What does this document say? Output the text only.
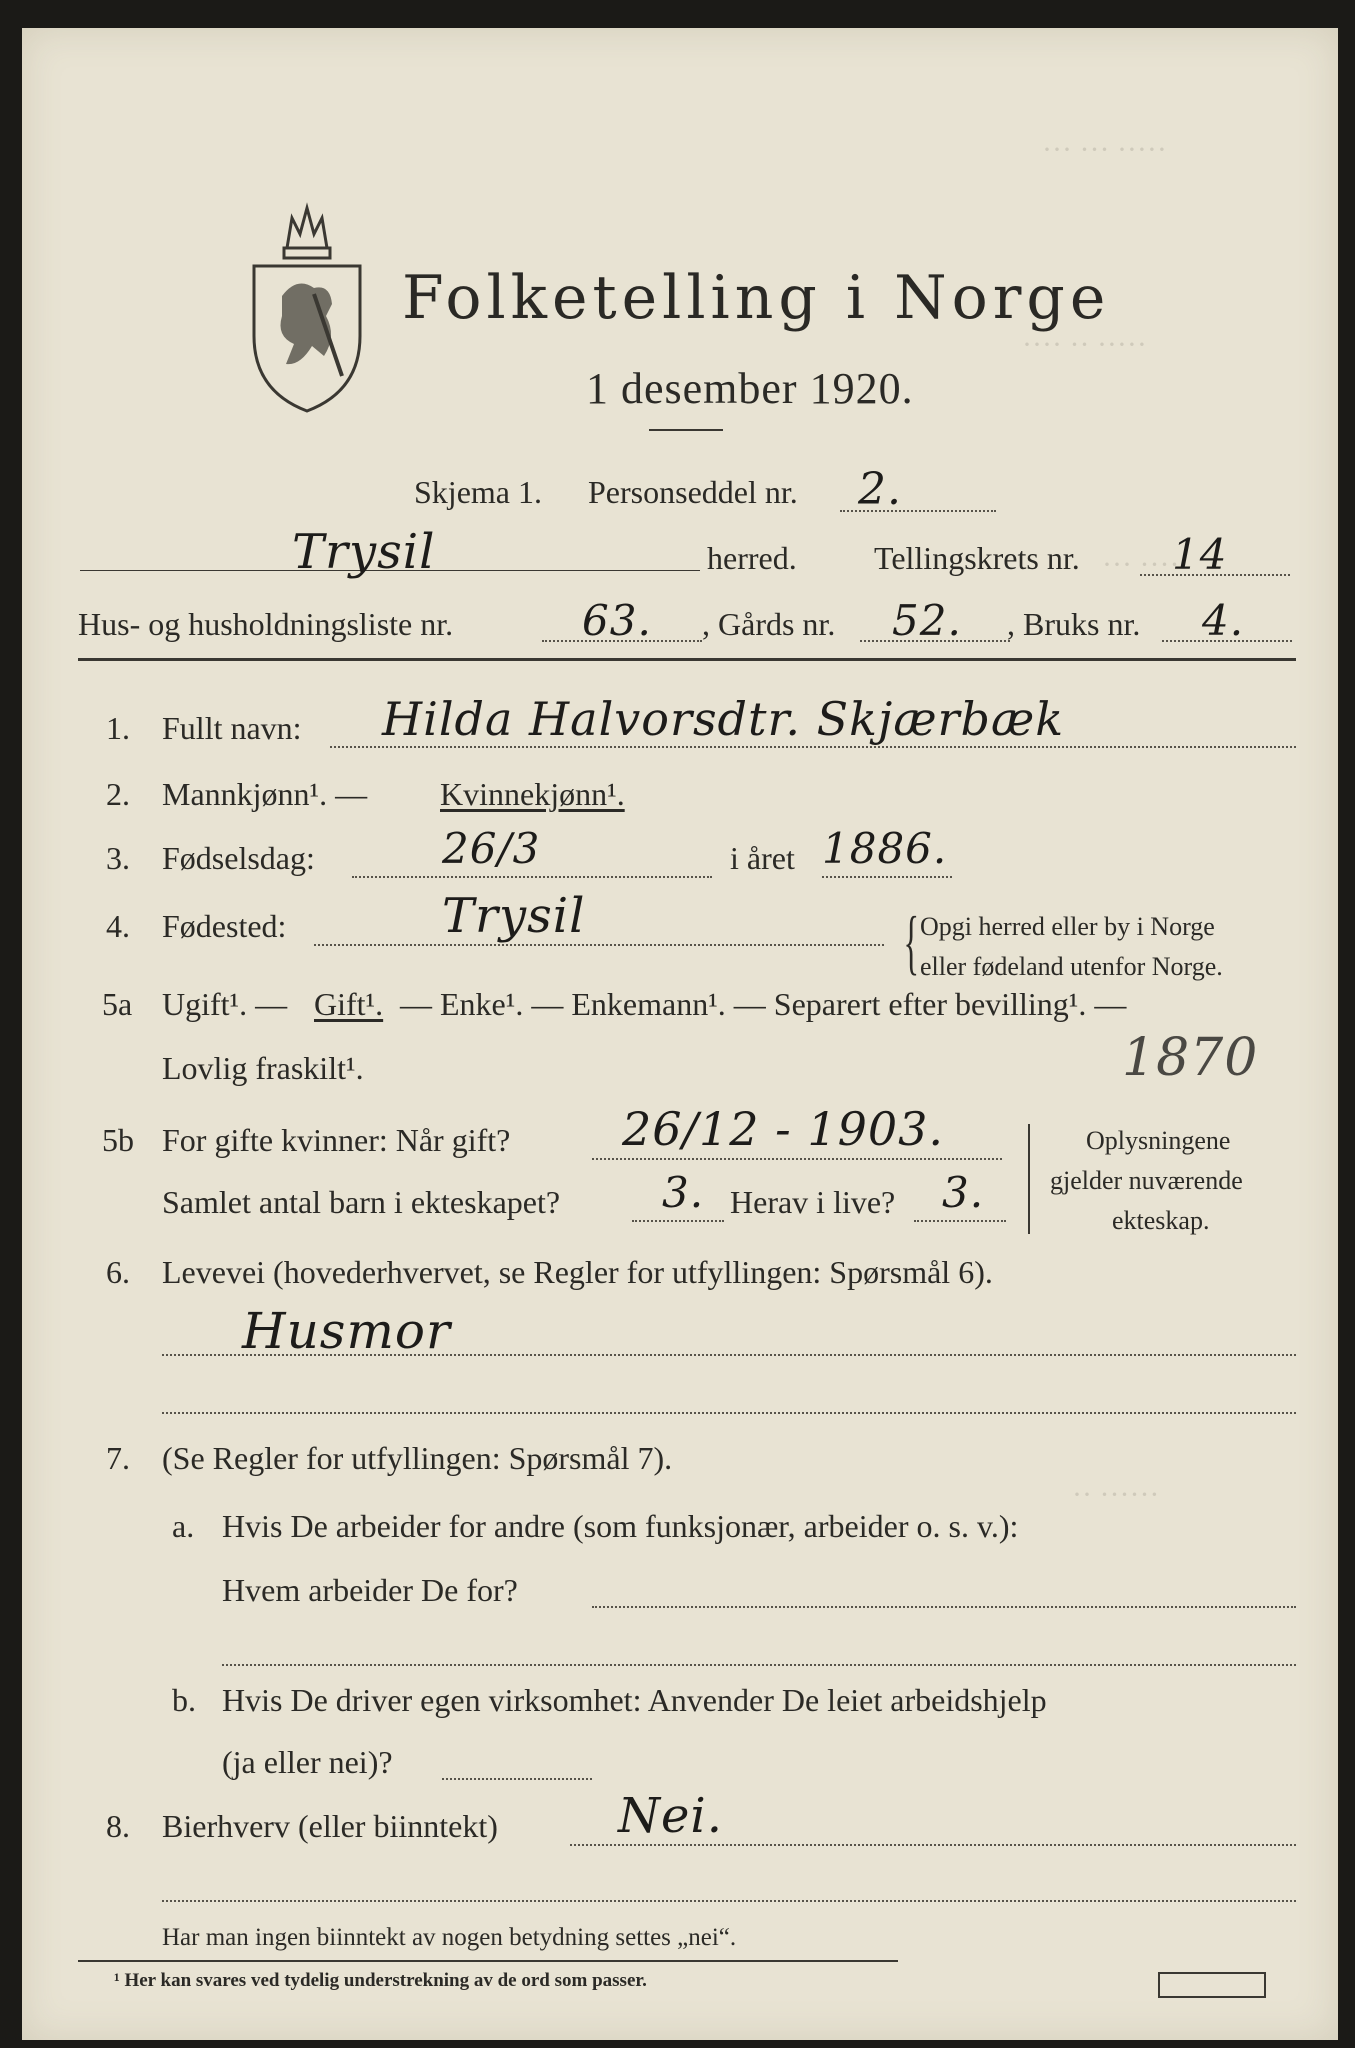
··· ··· ·····
···· ·· ·····
··· ····
·· ······
Folketelling i Norge
1 desember 1920.
Skjema 1. Personseddel nr. 2.
Trysil	herred. Tellingskrets nr. 14
Hus- og husholdningsliste nr.	63. , Gårds nr. 52. , Bruks nr. 4.
1. Fullt navn: Hilda Halvorsdtr. Skjærbæk
2. Mannkjønn¹. — Kvinnekjønn¹.
3. Fødselsdag:	26/3	i året 1886.
4. Fødested:	Trysil	{ Opgi herred eller by i Norge
eller fødeland utenfor Norge.
5a Ugift¹. — Gift¹. — Enke¹. — Enkemann¹. — Separert efter bevilling¹. —
Lovlig fraskilt¹.	1870
5b For gifte kvinner: Når gift? 26/12 - 1903.
Samlet antal barn i ekteskapet? 3. Herav i live? 3.
Oplysningene
gjelder nuværende
ekteskap.
6. Levevei (hovederhvervet, se Regler for utfyllingen: Spørsmål 6).
Husmor
7. (Se Regler for utfyllingen: Spørsmål 7).
a. Hvis De arbeider for andre (som funksjonær, arbeider o. s. v.):
Hvem arbeider De for?
b. Hvis De driver egen virksomhet: Anvender De leiet arbeidshjelp
(ja eller nei)?
8. Bierhverv (eller biinntekt)	Nei.
Har man ingen biinntekt av nogen betydning settes „nei“.
¹ Her kan svares ved tydelig understrekning av de ord som passer.
